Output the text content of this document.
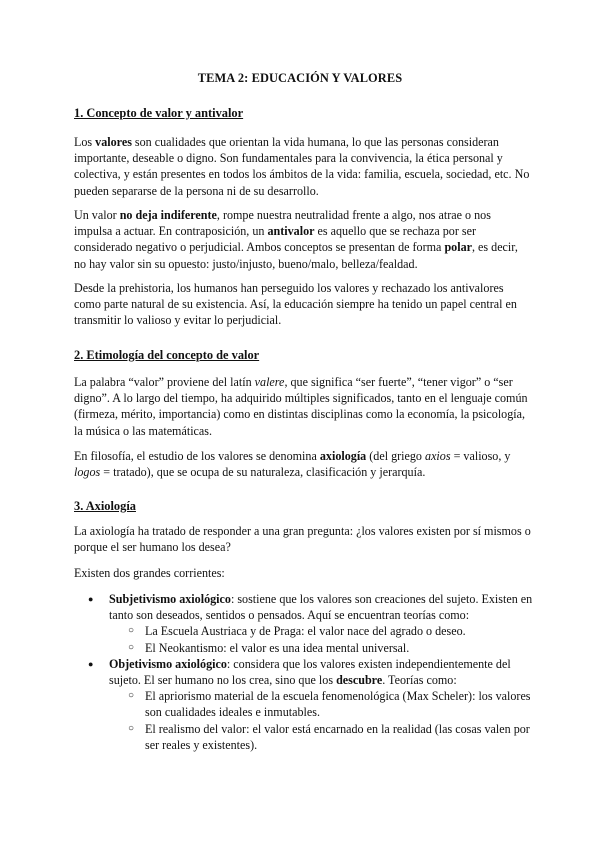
TEMA 2: EDUCACIÓN Y VALORES
1. Concepto de valor y antivalor
Los valores son cualidades que orientan la vida humana, lo que las personas consideran importante, deseable o digno. Son fundamentales para la convivencia, la ética personal y colectiva, y están presentes en todos los ámbitos de la vida: familia, escuela, sociedad, etc. No pueden separarse de la persona ni de su desarrollo.
Un valor no deja indiferente, rompe nuestra neutralidad frente a algo, nos atrae o nos impulsa a actuar. En contraposición, un antivalor es aquello que se rechaza por ser considerado negativo o perjudicial. Ambos conceptos se presentan de forma polar, es decir, no hay valor sin su opuesto: justo/injusto, bueno/malo, belleza/fealdad.
Desde la prehistoria, los humanos han perseguido los valores y rechazado los antivalores como parte natural de su existencia. Así, la educación siempre ha tenido un papel central en transmitir lo valioso y evitar lo perjudicial.
2. Etimología del concepto de valor
La palabra “valor” proviene del latín valere, que significa “ser fuerte”, “tener vigor” o “ser digno”. A lo largo del tiempo, ha adquirido múltiples significados, tanto en el lenguaje común (firmeza, mérito, importancia) como en distintas disciplinas como la economía, la psicología, la música o las matemáticas.
En filosofía, el estudio de los valores se denomina axiología (del griego axios = valioso, y logos = tratado), que se ocupa de su naturaleza, clasificación y jerarquía.
3. Axiología
La axiología ha tratado de responder a una gran pregunta: ¿los valores existen por sí mismos o porque el ser humano los desea?
Existen dos grandes corrientes:
● Subjetivismo axiológico: sostiene que los valores son creaciones del sujeto. Existen en tanto son deseados, sentidos o pensados. Aquí se encuentran teorías como:
○ La Escuela Austriaca y de Praga: el valor nace del agrado o deseo.
○ El Neokantismo: el valor es una idea mental universal.
● Objetivismo axiológico: considera que los valores existen independientemente del sujeto. El ser humano no los crea, sino que los descubre. Teorías como:
○ El apriorismo material de la escuela fenomenológica (Max Scheler): los valores son cualidades ideales e inmutables.
○ El realismo del valor: el valor está encarnado en la realidad (las cosas valen por ser reales y existentes).
